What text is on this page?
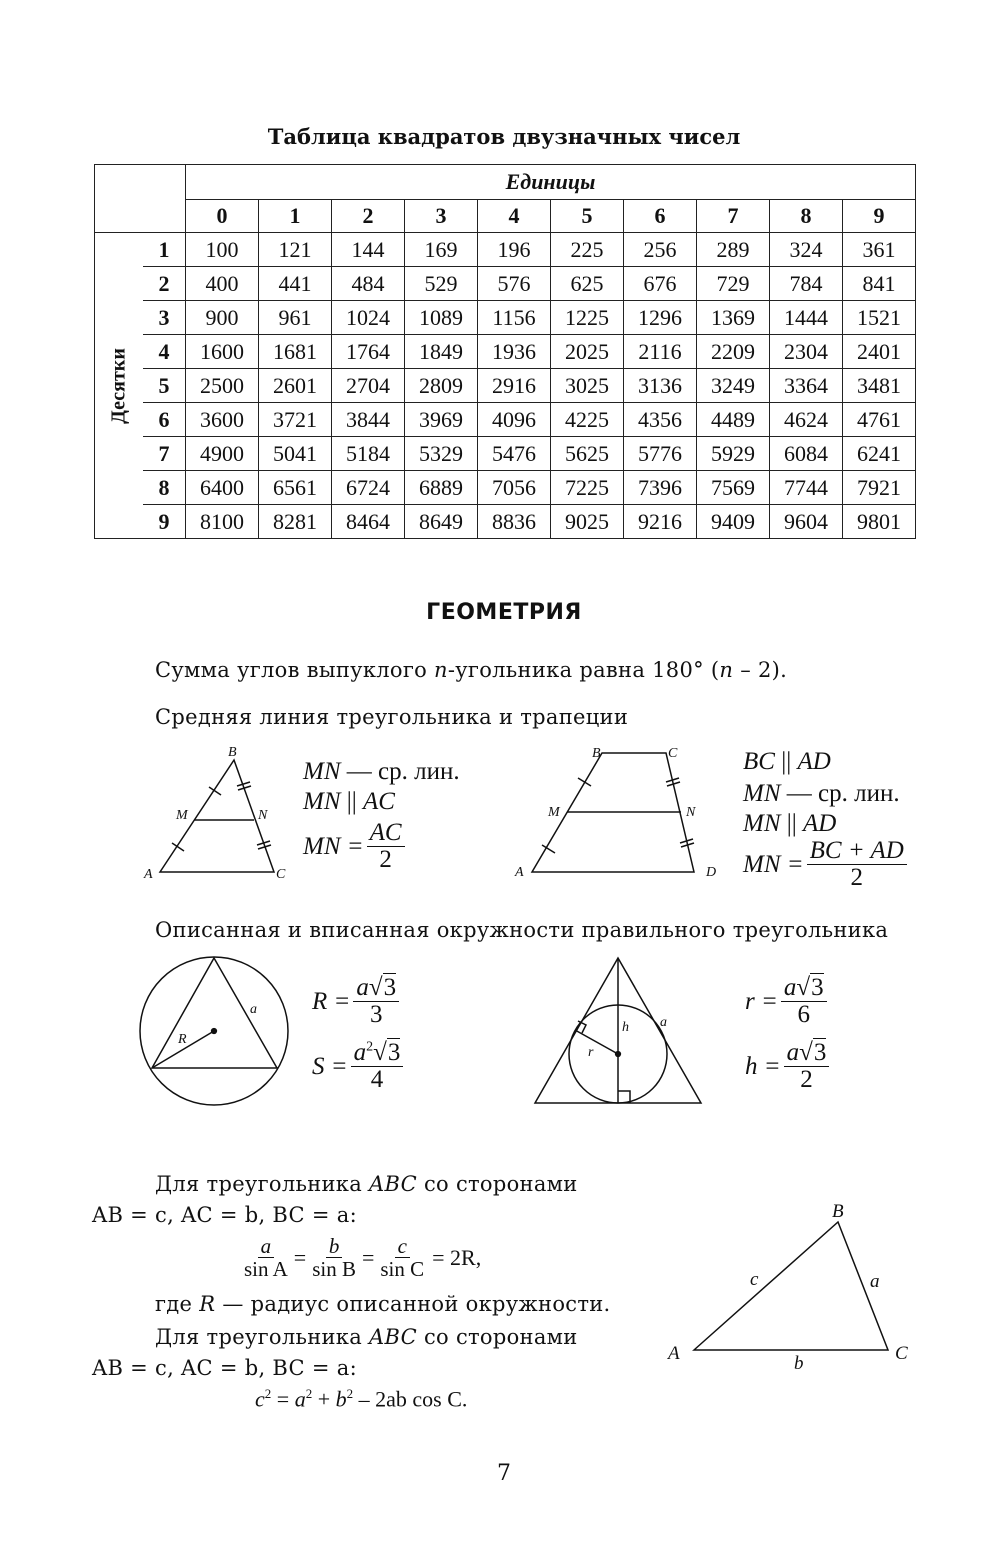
Таблица квадратов двузначных чисел
		Единицы									
		0	1	2	3	4	5	6	7	8	9

Десятки	1	100	121	144	169	196	225	256	289	324	361
	2	400	441	484	529	576	625	676	729	784	841
	3	900	961	1024	1089	1156	1225	1296	1369	1444	1521
	4	1600	1681	1764	1849	1936	2025	2116	2209	2304	2401
	5	2500	2601	2704	2809	2916	3025	3136	3249	3364	3481
	6	3600	3721	3844	3969	4096	4225	4356	4489	4624	4761
	7	4900	5041	5184	5329	5476	5625	5776	5929	6084	6241
	8	6400	6561	6724	6889	7056	7225	7396	7569	7744	7921
	9	8100	8281	8464	8649	8836	9025	9216	9409	9604	9801
ГЕОМЕТРИЯ
Сумма углов выпуклого n-угольника равна 180° (n – 2).
Средняя линия треугольника и трапеции
B
M	N
A	C
MN — ср. лин.
MN || AC
MN = $\frac{AC}{2}$
B	C
M	N
A	D
BC || AD
MN — ср. лин.
MN || AD
MN = $\frac{BC + AD}{2}$
Описанная и вписанная окружности правильного треугольника
R
a $R = \frac{a√3}{3}$
$S = \frac{a^2√3}{4}$
h
r
a
$r = \frac{a√3}{6}$
$h = \frac{a√3}{2}$
Для треугольника ABC со сторонами
AB = c, AC = b, BC = a:
$\frac{a}{\text{sin A}} = \frac{b}{\text{sin B}} = \frac{c}{\text{sin C}} = 2R$,
где R — радиус описанной окружности.
Для треугольника ABC со сторонами
AB = c, AC = b, BC = a:
$c^2 = a^2 + b^2 - 2ab$ cos C.
A
B
C
a
b
c
7
